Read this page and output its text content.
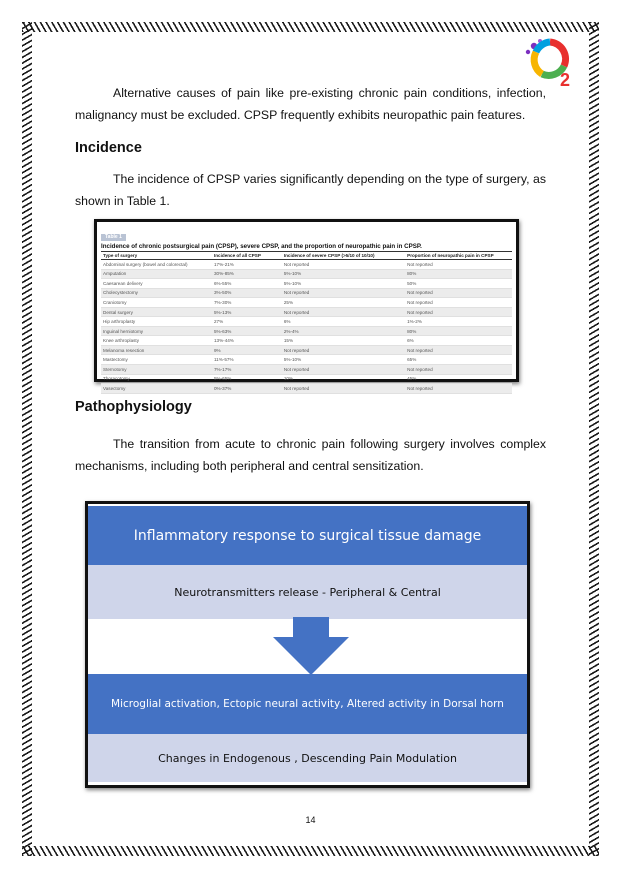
2

Alternative causes of pain like pre-existing chronic pain conditions, infection, malignancy must be excluded. CPSP frequently exhibits neuropathic pain features.

Incidence

The incidence of CPSP varies significantly depending on the type of surgery, as shown in Table 1.

Table 1
Incidence of chronic postsurgical pain (CPSP), severe CPSP, and the proportion of neuropathic pain in CPSP.
Type of surgery	Incidence of all CPSP	Incidence of severe CPSP (>5/10 of 10/10)	Proportion of neuropathic pain in CPSP
Abdominal surgery (bowel and colorectal)	17%-21%	Not reported	Not reported
Amputation	30%-85%	5%-10%	80%
Caesarean delivery	6%-55%	5%-10%	50%
Cholecystectomy	3%-50%	Not reported	Not reported
Craniotomy	7%-30%	25%	Not reported
Dental surgery	5%-13%	Not reported	Not reported
Hip arthroplasty	27%	6%	1%-2%
Inguinal herniotomy	5%-63%	2%-4%	80%
Knee arthroplasty	13%-44%	15%	6%
Melanoma resection	9%	Not reported	Not reported
Mastectomy	11%-57%	5%-10%	65%
Sternotomy	7%-17%	Not reported	Not reported
Thoracotomy	5%-65%	10%	45%
Vasectomy	0%-37%	Not reported	Not reported
Pathophysiology

The transition from acute to chronic pain following surgery involves complex mechanisms, including both peripheral and central sensitization.

Inflammatory response to surgical tissue damage
Neurotransmitters release - Peripheral & Central
Microglial activation, Ectopic neural activity, Altered activity in Dorsal horn
Changes in Endogenous , Descending Pain Modulation
14
